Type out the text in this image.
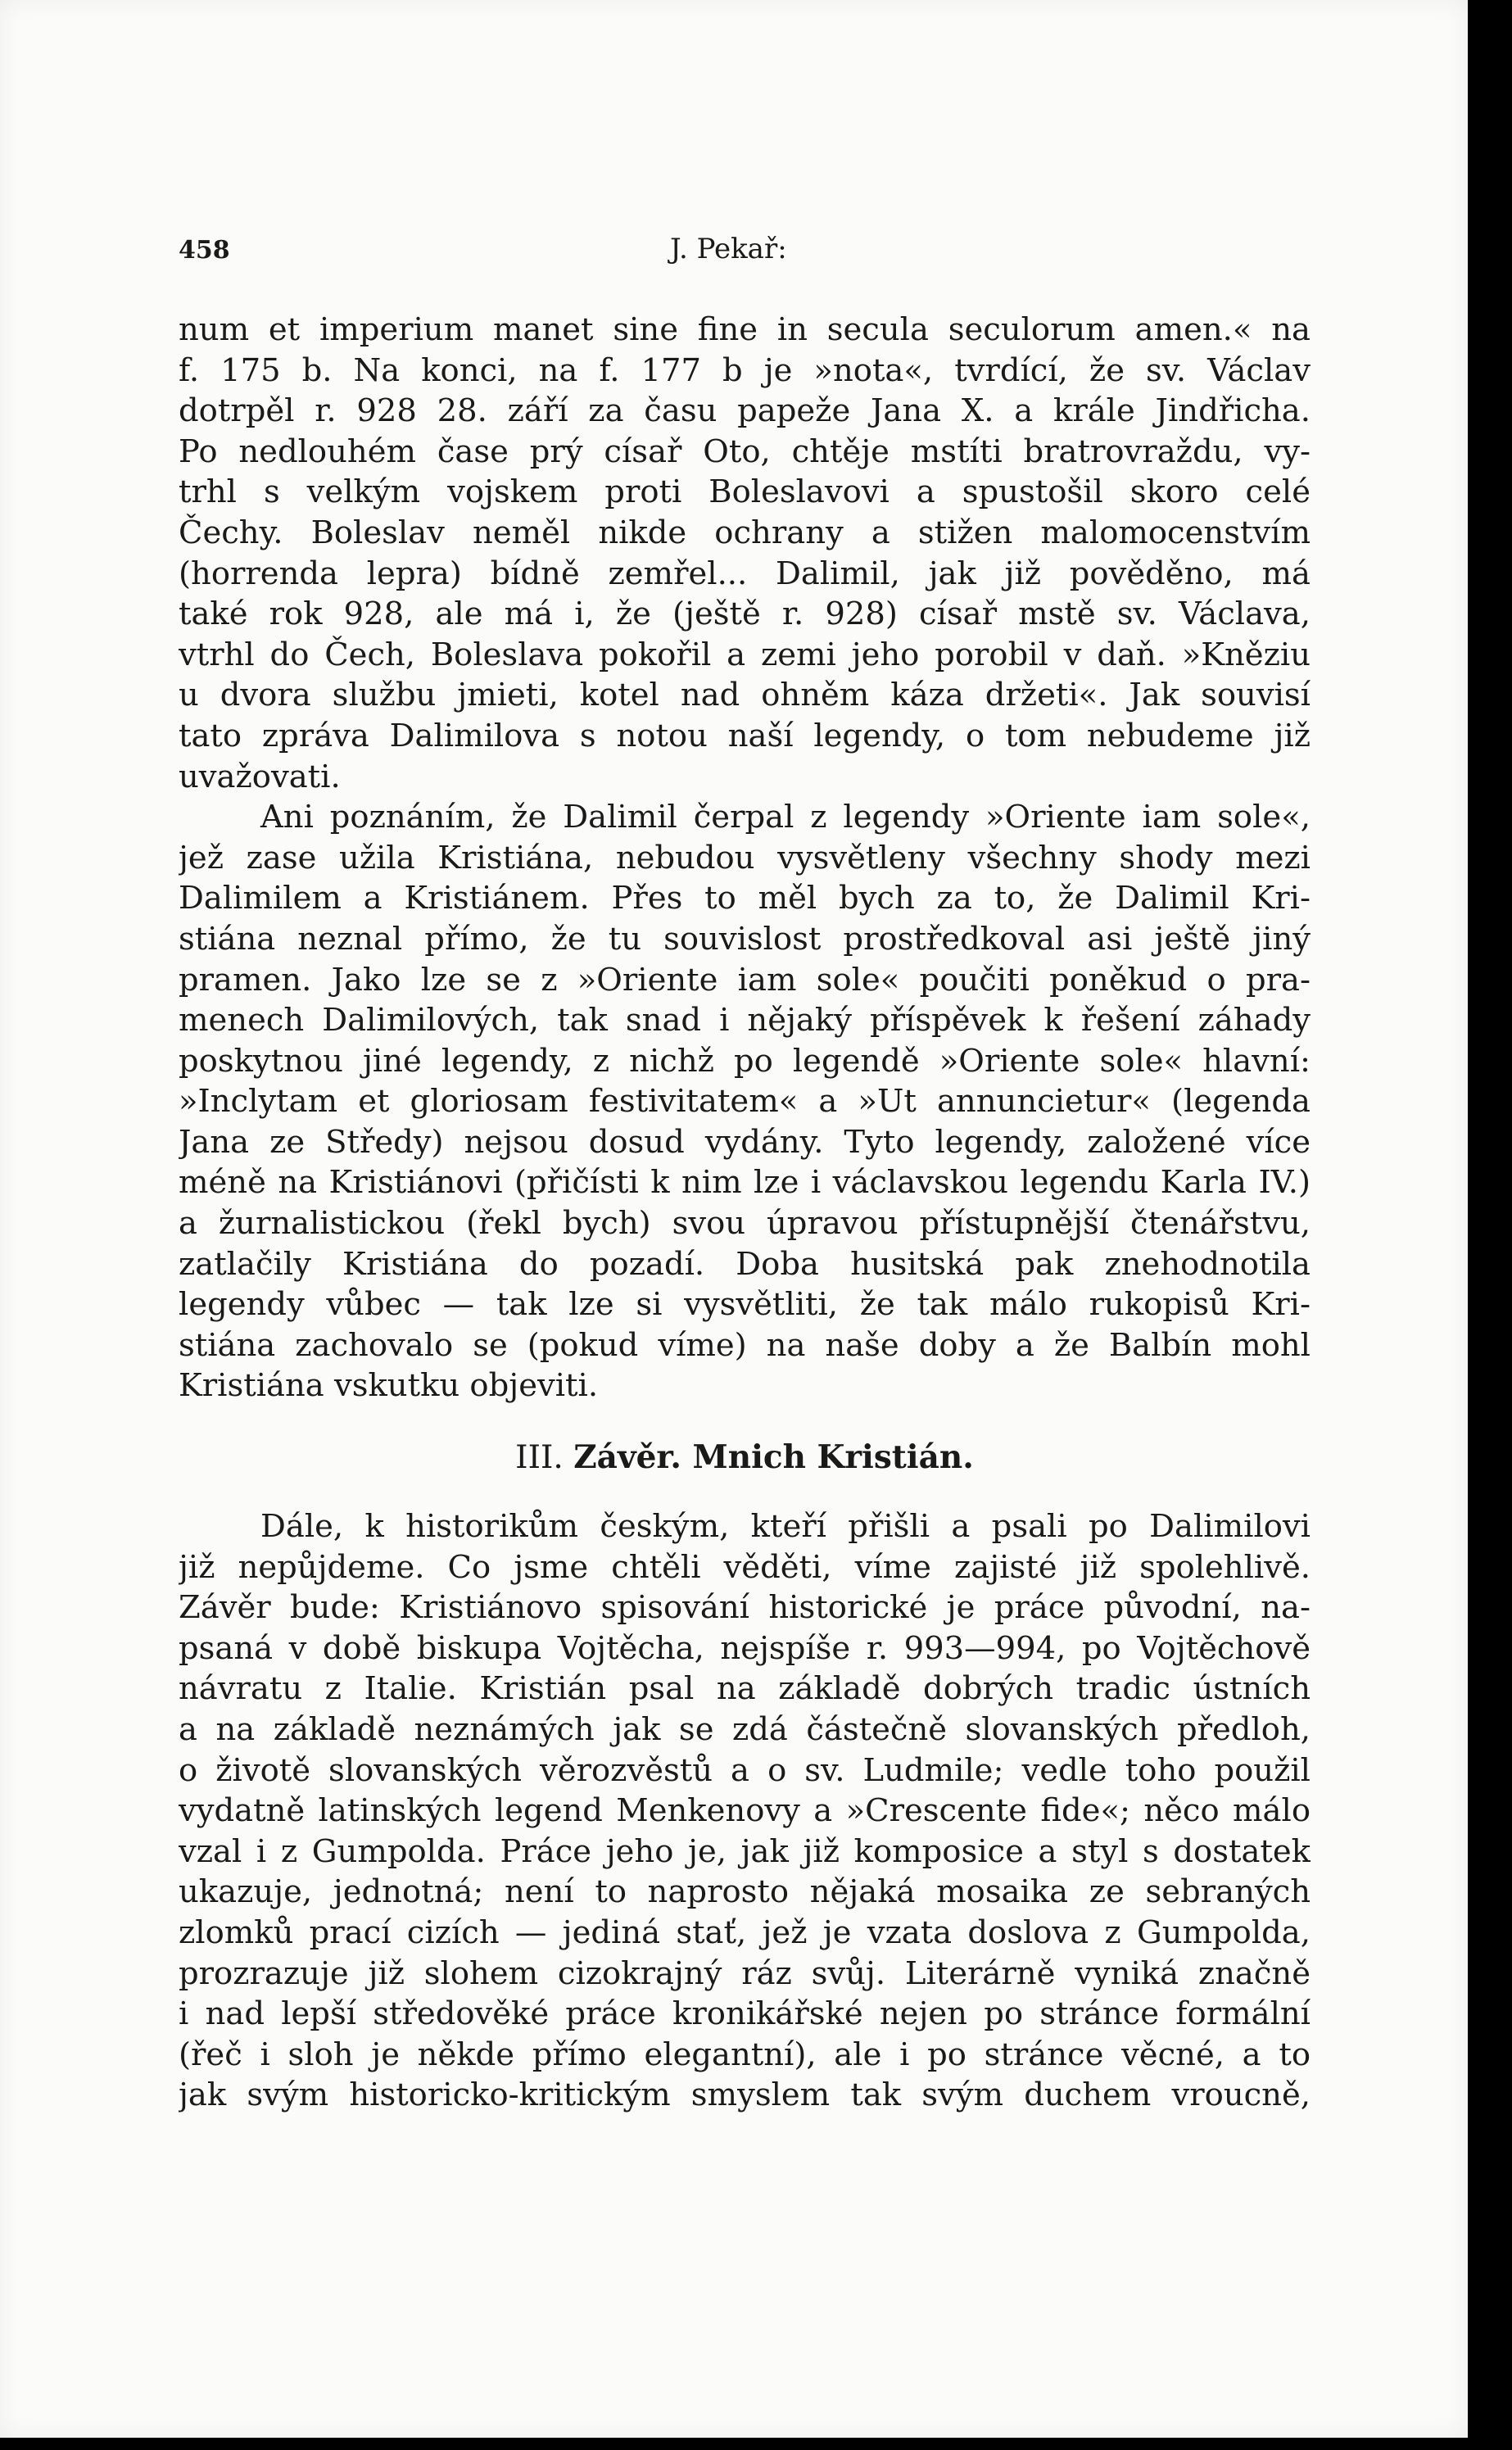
458	J. Pekař:
num et imperium manet sine fine in secula seculorum amen.« na
f. 175 b. Na konci, na f. 177 b je »nota«, tvrdící, že sv. Václav
dotrpěl r. 928 28. září za času papeže Jana X. a krále Jindřicha.
Po nedlouhém čase prý císař Oto, chtěje mstíti bratrovraždu, vy-
trhl s velkým vojskem proti Boleslavovi a spustošil skoro celé
Čechy. Boleslav neměl nikde ochrany a stižen malomocenstvím
(horrenda lepra) bídně zemřel... Dalimil, jak již pověděno, má
také rok 928, ale má i, že (ještě r. 928) císař mstě sv. Václava,
vtrhl do Čech, Boleslava pokořil a zemi jeho porobil v daň. »Kněziu
u dvora službu jmieti, kotel nad ohněm káza držeti«. Jak souvisí
tato zpráva Dalimilova s notou naší legendy, o tom nebudeme již
uvažovati.
Ani poznáním, že Dalimil čerpal z legendy »Oriente iam sole«,
jež zase užila Kristiána, nebudou vysvětleny všechny shody mezi
Dalimilem a Kristiánem. Přes to měl bych za to, že Dalimil Kri-
stiána neznal přímo, že tu souvislost prostředkoval asi ještě jiný
pramen. Jako lze se z »Oriente iam sole« poučiti poněkud o pra-
menech Dalimilových, tak snad i nějaký příspěvek k řešení záhady
poskytnou jiné legendy, z nichž po legendě »Oriente sole« hlavní:
»Inclytam et gloriosam festivitatem« a »Ut annuncietur« (legenda
Jana ze Středy) nejsou dosud vydány. Tyto legendy, založené více
méně na Kristiánovi (přičísti k nim lze i václavskou legendu Karla IV.)
a žurnalistickou (řekl bych) svou úpravou přístupnější čtenářstvu,
zatlačily Kristiána do pozadí. Doba husitská pak znehodnotila
legendy vůbec — tak lze si vysvětliti, že tak málo rukopisů Kri-
stiána zachovalo se (pokud víme) na naše doby a že Balbín mohl
Kristiána vskutku objeviti.
III. Závěr. Mnich Kristián.
Dále, k historikům českým, kteří přišli a psali po Dalimilovi
již nepůjdeme. Co jsme chtěli věděti, víme zajisté již spolehlivě.
Závěr bude: Kristiánovo spisování historické je práce původní, na-
psaná v době biskupa Vojtěcha, nejspíše r. 993—994, po Vojtěchově
návratu z Italie. Kristián psal na základě dobrých tradic ústních
a na základě neznámých jak se zdá částečně slovanských předloh,
o životě slovanských věrozvěstů a o sv. Ludmile; vedle toho použil
vydatně latinských legend Menkenovy a »Crescente fide«; něco málo
vzal i z Gumpolda. Práce jeho je, jak již komposice a styl s dostatek
ukazuje, jednotná; není to naprosto nějaká mosaika ze sebraných
zlomků prací cizích — jediná stať, jež je vzata doslova z Gumpolda,
prozrazuje již slohem cizokrajný ráz svůj. Literárně vyniká značně
i nad lepší středověké práce kronikářské nejen po stránce formální
(řeč i sloh je někde přímo elegantní), ale i po stránce věcné, a to
jak svým historicko-kritickým smyslem tak svým duchem vroucně,
